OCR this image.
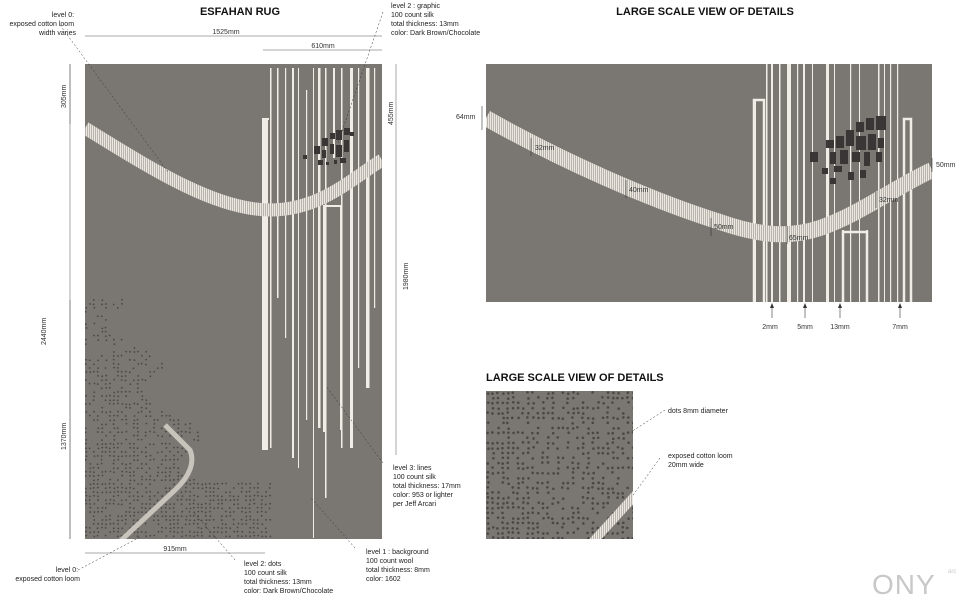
1525mm
610mm
305mm
2440mm
1370mm
455mm
1980mm
915mm
ESFAHAN RUG
level 0: exposed cotton loom width varies
level 2 : graphic 100 count silk total thickness: 13mm color: Dark Brown/Chocolate
level 3: lines 100 count silk total thickness: 17mm color: 953 or lighter per Jeff Arcari
level 1 : background 100 count wool total thickness: 8mm color: 1602
level 2: dots 100 count silk total thickness: 13mm color: Dark Brown/Chocolate
level 0: exposed cotton loom
LARGE SCALE VIEW OF DETAILS
64mm
32mm
40mm
50mm
65mm
32mm
50mm
2mm	5mm 13mm	7mm
LARGE SCALE VIEW OF DETAILS
dots 8mm diameter
exposed cotton loom 20mm wide
ONY arc
